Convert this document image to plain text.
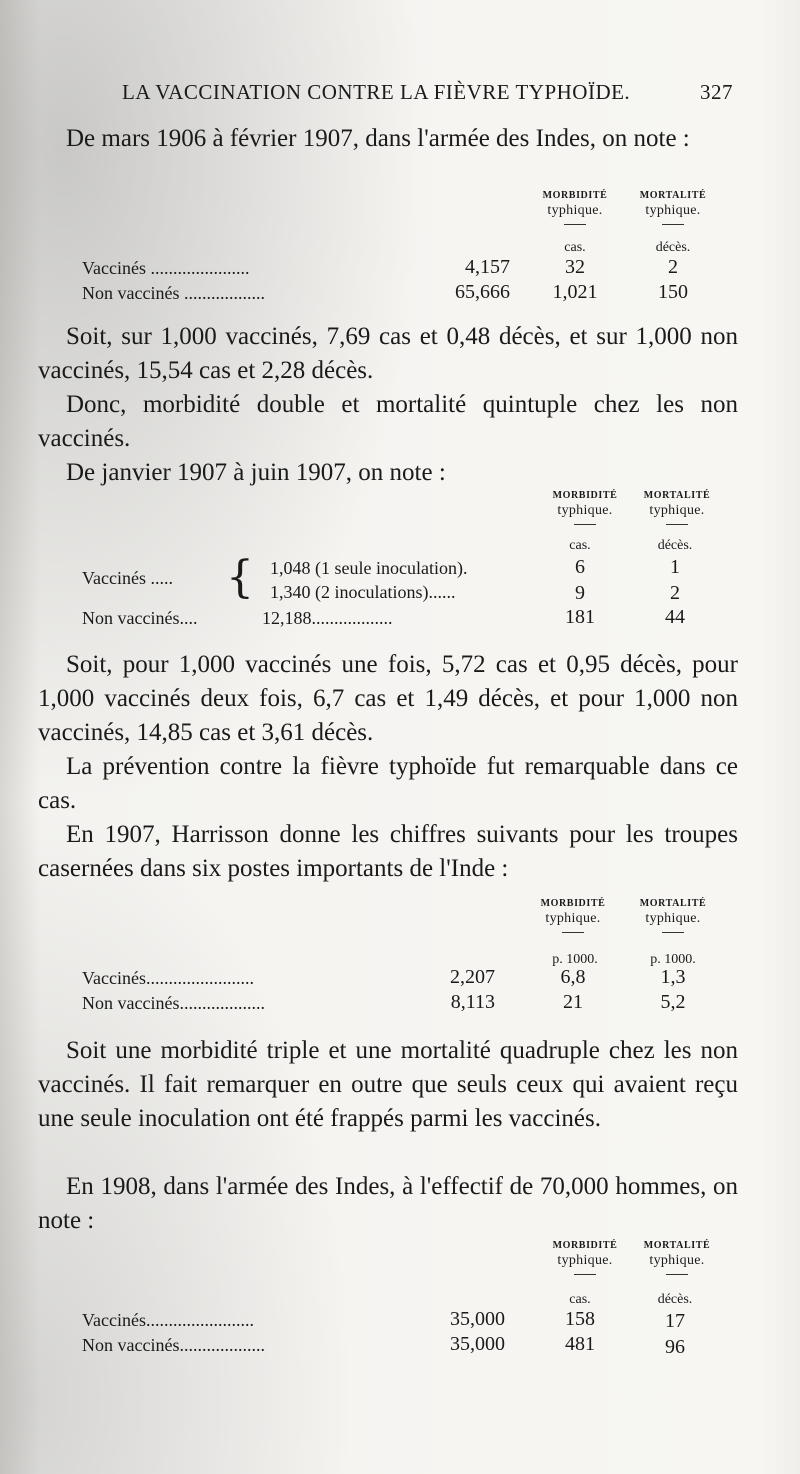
LA VACCINATION CONTRE LA FIÈVRE TYPHOÏDE.	327
De mars 1906 à février 1907, dans l'armée des Indes, on note :
MORBIDITÉ
typhique.
MORTALITÉ
typhique.
cas.	décès.
Vaccinés ......................	4,157	32	2
Non vaccinés ..................	65,666	1,021	150
Soit, sur 1,000 vaccinés, 7,69 cas et 0,48 décès, et sur 1,000 non vaccinés, 15,54 cas et 2,28 décès.
Donc, morbidité double et mortalité quintuple chez les non vaccinés.
De janvier 1907 à juin 1907, on note :
MORBIDITÉ
typhique.
MORTALITÉ
typhique.
cas.	décès.
Vaccinés ..... { 1,048 (1 seule inoculation).	6	1
1,340 (2 inoculations)......	9	2
Non vaccinés....	12,188..................	181	44
Soit, pour 1,000 vaccinés une fois, 5,72 cas et 0,95 décès, pour 1,000 vaccinés deux fois, 6,7 cas et 1,49 décès, et pour 1,000 non vaccinés, 14,85 cas et 3,61 décès.
La prévention contre la fièvre typhoïde fut remarquable dans ce cas.
En 1907, Harrisson donne les chiffres suivants pour les troupes casernées dans six postes importants de l'Inde :
MORBIDITÉ
typhique.
MORTALITÉ
typhique.
p. 1000.	p. 1000.
Vaccinés........................	2,207	6,8	1,3
Non vaccinés...................	8,113	21	5,2
Soit une morbidité triple et une mortalité quadruple chez les non vaccinés. Il fait remarquer en outre que seuls ceux qui avaient reçu une seule inoculation ont été frappés parmi les vaccinés.
En 1908, dans l'armée des Indes, à l'effectif de 70,000 hommes, on note :
MORBIDITÉ
typhique.
MORTALITÉ
typhique.
cas.	décès.
Vaccinés........................	35,000	158	17
Non vaccinés...................	35,000	481	96
